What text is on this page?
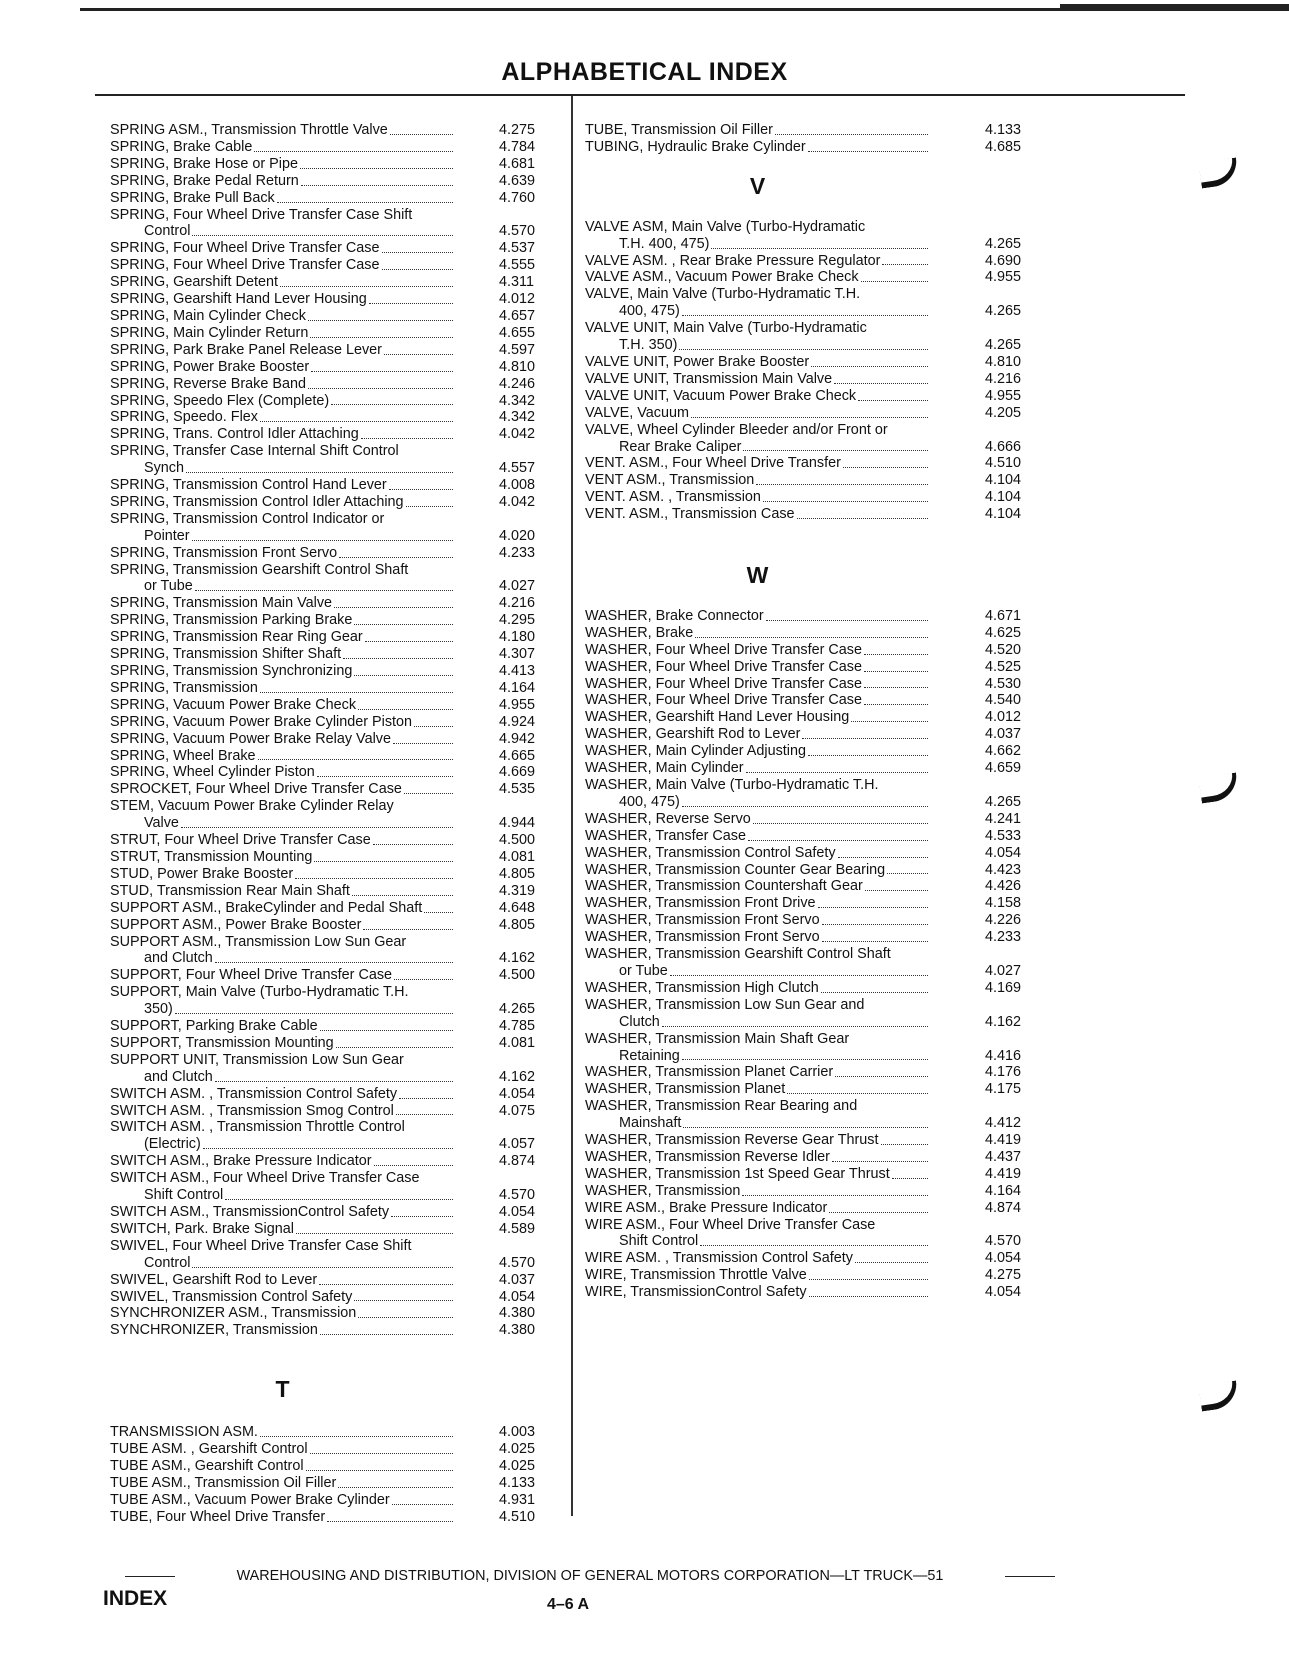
ALPHABETICAL INDEX
SPRING ASM., Transmission Throttle Valve	4.275
SPRING, Brake Cable	4.784
SPRING, Brake Hose or Pipe	4.681
SPRING, Brake Pedal Return	4.639
SPRING, Brake Pull Back	4.760
SPRING, Four Wheel Drive Transfer Case Shift
Control	4.570
SPRING, Four Wheel Drive Transfer Case	4.537
SPRING, Four Wheel Drive Transfer Case	4.555
SPRING, Gearshift Detent	4.311
SPRING, Gearshift Hand Lever Housing	4.012
SPRING, Main Cylinder Check	4.657
SPRING, Main Cylinder Return	4.655
SPRING, Park Brake Panel Release Lever	4.597
SPRING, Power Brake Booster	4.810
SPRING, Reverse Brake Band	4.246
SPRING, Speedo Flex (Complete)	4.342
SPRING, Speedo. Flex	4.342
SPRING, Trans. Control Idler Attaching	4.042
SPRING, Transfer Case Internal Shift Control
Synch	4.557
SPRING, Transmission Control Hand Lever	4.008
SPRING, Transmission Control Idler Attaching	4.042
SPRING, Transmission Control Indicator or
Pointer	4.020
SPRING, Transmission Front Servo	4.233
SPRING, Transmission Gearshift Control Shaft
or Tube	4.027
SPRING, Transmission Main Valve	4.216
SPRING, Transmission Parking Brake	4.295
SPRING, Transmission Rear Ring Gear	4.180
SPRING, Transmission Shifter Shaft	4.307
SPRING, Transmission Synchronizing	4.413
SPRING, Transmission	4.164
SPRING, Vacuum Power Brake Check	4.955
SPRING, Vacuum Power Brake Cylinder Piston	4.924
SPRING, Vacuum Power Brake Relay Valve	4.942
SPRING, Wheel Brake	4.665
SPRING, Wheel Cylinder Piston	4.669
SPROCKET, Four Wheel Drive Transfer Case	4.535
STEM, Vacuum Power Brake Cylinder Relay
Valve	4.944
STRUT, Four Wheel Drive Transfer Case	4.500
STRUT, Transmission Mounting	4.081
STUD, Power Brake Booster	4.805
STUD, Transmission Rear Main Shaft	4.319
SUPPORT ASM., BrakeCylinder and Pedal Shaft	4.648
SUPPORT ASM., Power Brake Booster	4.805
SUPPORT ASM., Transmission Low Sun Gear
and Clutch	4.162
SUPPORT, Four Wheel Drive Transfer Case	4.500
SUPPORT, Main Valve (Turbo-Hydramatic T.H.
350)	4.265
SUPPORT, Parking Brake Cable	4.785
SUPPORT, Transmission Mounting	4.081
SUPPORT UNIT, Transmission Low Sun Gear
and Clutch	4.162
SWITCH ASM. , Transmission Control Safety	4.054
SWITCH ASM. , Transmission Smog Control	4.075
SWITCH ASM. , Transmission Throttle Control
(Electric)	4.057
SWITCH ASM., Brake Pressure Indicator	4.874
SWITCH ASM., Four Wheel Drive Transfer Case
Shift Control	4.570
SWITCH ASM., TransmissionControl Safety	4.054
SWITCH, Park. Brake Signal	4.589
SWIVEL, Four Wheel Drive Transfer Case Shift
Control	4.570
SWIVEL, Gearshift Rod to Lever	4.037
SWIVEL, Transmission Control Safety	4.054
SYNCHRONIZER ASM., Transmission	4.380
SYNCHRONIZER, Transmission	4.380
T
TRANSMISSION ASM.	4.003
TUBE ASM. , Gearshift Control	4.025
TUBE ASM., Gearshift Control	4.025
TUBE ASM., Transmission Oil Filler	4.133
TUBE ASM., Vacuum Power Brake Cylinder	4.931
TUBE, Four Wheel Drive Transfer	4.510
TUBE, Transmission Oil Filler	4.133
TUBING, Hydraulic Brake Cylinder	4.685
V
VALVE ASM, Main Valve (Turbo-Hydramatic
T.H. 400, 475)	4.265
VALVE ASM. , Rear Brake Pressure Regulator	4.690
VALVE ASM., Vacuum Power Brake Check	4.955
VALVE, Main Valve (Turbo-Hydramatic T.H.
400, 475)	4.265
VALVE UNIT, Main Valve (Turbo-Hydramatic
T.H. 350)	4.265
VALVE UNIT, Power Brake Booster	4.810
VALVE UNIT, Transmission Main Valve	4.216
VALVE UNIT, Vacuum Power Brake Check	4.955
VALVE, Vacuum	4.205
VALVE, Wheel Cylinder Bleeder and/or Front or
Rear Brake Caliper	4.666
VENT. ASM., Four Wheel Drive Transfer	4.510
VENT ASM., Transmission	4.104
VENT. ASM. , Transmission	4.104
VENT. ASM., Transmission Case	4.104
W
WASHER, Brake Connector	4.671
WASHER, Brake	4.625
WASHER, Four Wheel Drive Transfer Case	4.520
WASHER, Four Wheel Drive Transfer Case	4.525
WASHER, Four Wheel Drive Transfer Case	4.530
WASHER, Four Wheel Drive Transfer Case	4.540
WASHER, Gearshift Hand Lever Housing	4.012
WASHER, Gearshift Rod to Lever	4.037
WASHER, Main Cylinder Adjusting	4.662
WASHER, Main Cylinder	4.659
WASHER, Main Valve (Turbo-Hydramatic T.H.
400, 475)	4.265
WASHER, Reverse Servo	4.241
WASHER, Transfer Case	4.533
WASHER, Transmission Control Safety	4.054
WASHER, Transmission Counter Gear Bearing	4.423
WASHER, Transmission Countershaft Gear	4.426
WASHER, Transmission Front Drive	4.158
WASHER, Transmission Front Servo	4.226
WASHER, Transmission Front Servo	4.233
WASHER, Transmission Gearshift Control Shaft
or Tube	4.027
WASHER, Transmission High Clutch	4.169
WASHER, Transmission Low Sun Gear and
Clutch	4.162
WASHER, Transmission Main Shaft Gear
Retaining	4.416
WASHER, Transmission Planet Carrier	4.176
WASHER, Transmission Planet	4.175
WASHER, Transmission Rear Bearing and
Mainshaft	4.412
WASHER, Transmission Reverse Gear Thrust	4.419
WASHER, Transmission Reverse Idler	4.437
WASHER, Transmission 1st Speed Gear Thrust	4.419
WASHER, Transmission	4.164
WIRE ASM., Brake Pressure Indicator	4.874
WIRE ASM., Four Wheel Drive Transfer Case
Shift Control	4.570
WIRE ASM. , Transmission Control Safety	4.054
WIRE, Transmission Throttle Valve	4.275
WIRE, TransmissionControl Safety	4.054
WAREHOUSING AND DISTRIBUTION, DIVISION OF GENERAL MOTORS CORPORATION—LT TRUCK—51
INDEX	4–6 A
